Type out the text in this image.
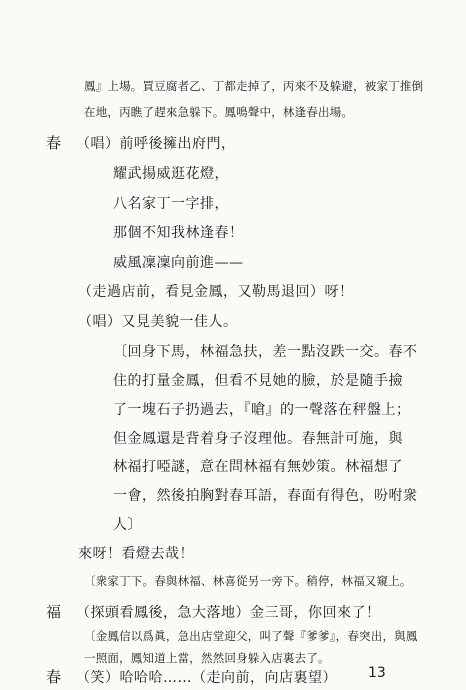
鳳』上場。買豆腐者乙、丁都走掉了，丙來不及躲避，被家丁推倒
在地，丙瞧了趕來急躲下。鳳鳴聲中，林逢春出場。
春 （唱）前呼後擁出府門，
耀武揚威逛花燈，
八名家丁一字排，
那個不知我林逢春！
威風凜凜向前進——
（走過店前，看見金鳳，又勒馬退回）呀！
（唱）又見美貌一佳人。
〔回身下馬，林福急扶，差一點沒跌一交。春不
住的打量金鳳，但看不見她的臉，於是隨手撿
了一塊石子扔過去，『嗆』的一聲落在秤盤上；
但金鳳還是背着身子沒理他。春無計可施，與
林福打啞謎，意在問林福有無妙策。林福想了
一會，然後拍胸對春耳語，春面有得色，吩咐衆
人〕
來呀！看燈去哉！
〔衆家丁下。春與林福、林喜從另一旁下。稍停，林福又窺上。
福 （探頭看鳳後，急大落地）金三哥，你回來了！
〔金鳳信以爲眞，急出店堂迎父，叫了聲『爹爹』，春突出，與鳳
一照面，鳳知道上當，然然回身躲入店裏去了。
春 （笑）哈哈哈……（走向前，向店裏望） 13
